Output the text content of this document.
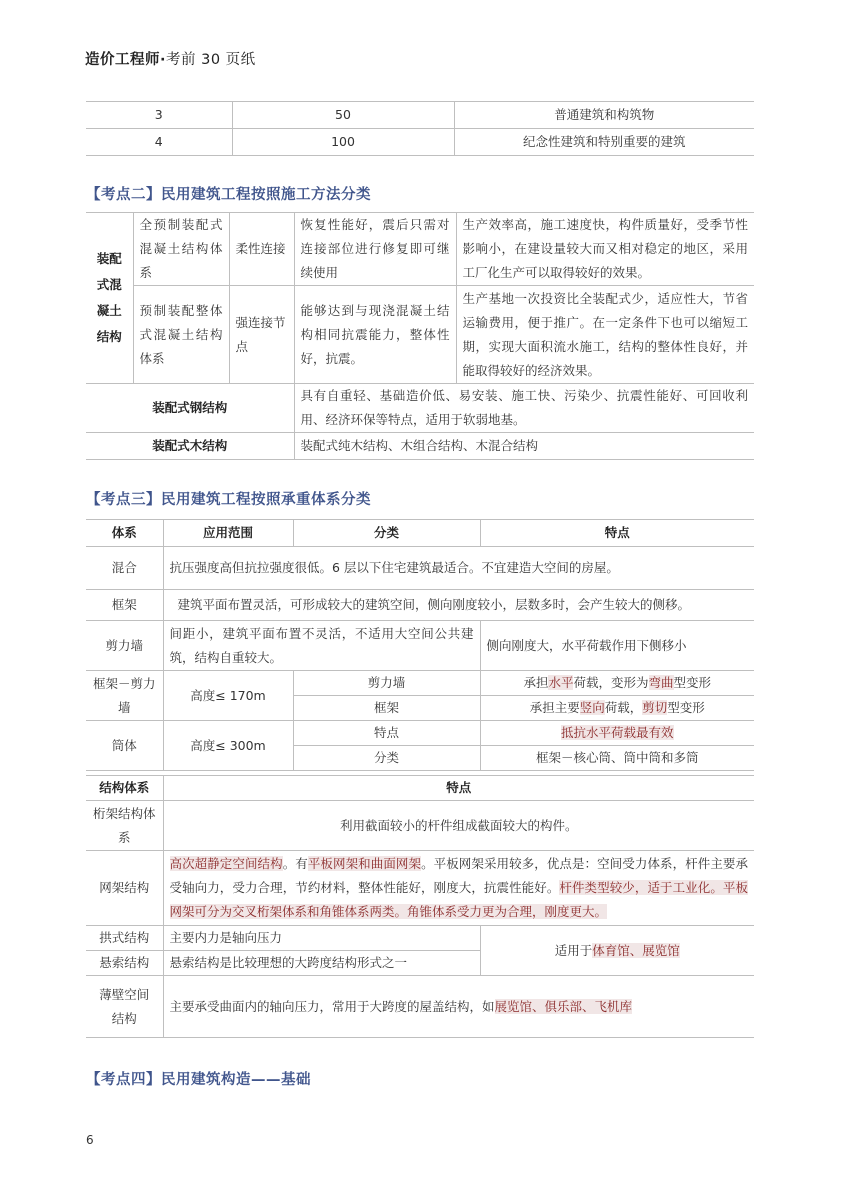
造价工程师·考前 30 页纸
3	50	普通建筑和构筑物
4	100	纪念性建筑和特别重要的建筑
【考点二】民用建筑工程按照施工方法分类
装配
式混
凝土
结构	全预制装配式混凝土结构体系	柔性连接	恢复性能好，震后只需对连接部位进行修复即可继续使用	生产效率高，施工速度快，构件质量好，受季节性影响小，在建设量较大而又相对稳定的地区，采用工厂化生产可以取得较好的效果。
	预制装配整体式混凝土结构体系	强连接节点	能够达到与现浇混凝土结构相同抗震能力，整体性好，抗震。	生产基地一次投资比全装配式少，适应性大，节省运输费用，便于推广。在一定条件下也可以缩短工期，实现大面积流水施工，结构的整体性良好，并能取得较好的经济效果。
装配式钢结构			具有自重轻、基础造价低、易安装、施工快、污染少、抗震性能好、可回收利用、经济环保等特点，适用于软弱地基。	
装配式木结构			装配式纯木结构、木组合结构、木混合结构	
【考点三】民用建筑工程按照承重体系分类
体系	应用范围	分类	特点
混合	抗压强度高但抗拉强度很低。6 层以下住宅建筑最适合。不宜建造大空间的房屋。		
框架	建筑平面布置灵活，可形成较大的建筑空间，侧向刚度较小，层数多时，会产生较大的侧移。		
剪力墙	间距小，建筑平面布置不灵活，不适用大空间公共建筑，结构自重较大。		侧向刚度大，水平荷载作用下侧移小
框架－剪力墙	高度≤ 170m	剪力墙	承担水平荷载，变形为弯曲型变形
		框架	承担主要竖向荷载，剪切型变形
筒体	高度≤ 300m	特点	抵抗水平荷载最有效
		分类	框架－核心筒、筒中筒和多筒
结构体系	特点	
桁架结构体系	利用截面较小的杆件组成截面较大的构件。	
网架结构	高次超静定空间结构。有平板网架和曲面网架。平板网架采用较多，优点是：空间受力体系，杆件主要承受轴向力，受力合理，节约材料，整体性能好，刚度大，抗震性能好。杆件类型较少，适于工业化。平板网架可分为交叉桁架体系和角锥体系两类。角锥体系受力更为合理，刚度更大。	
拱式结构	主要内力是轴向压力	适用于体育馆、展览馆
悬索结构	悬索结构是比较理想的大跨度结构形式之一	
薄壁空间结构	主要承受曲面内的轴向压力，常用于大跨度的屋盖结构，如展览馆、俱乐部、飞机库	
【考点四】民用建筑构造——基础
6
